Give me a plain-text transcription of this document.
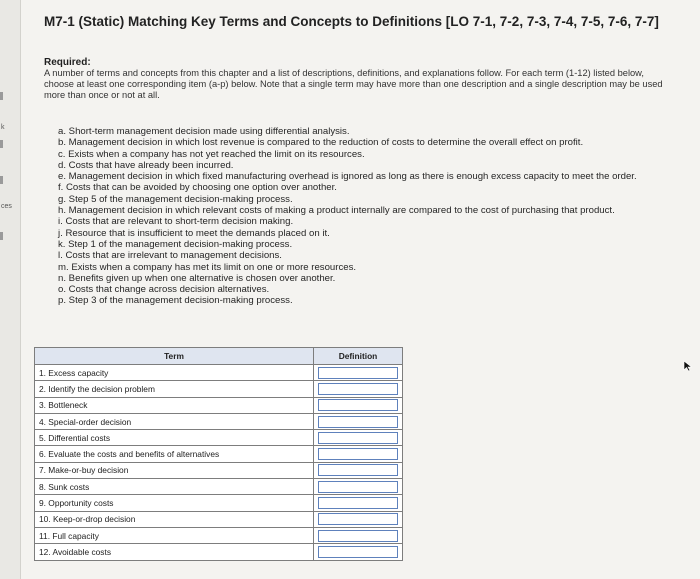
k
ces
M7-1 (Static) Matching Key Terms and Concepts to Definitions [LO 7-1, 7-2, 7-3, 7-4, 7-5, 7-6, 7-7]
Required:
A number of terms and concepts from this chapter and a list of descriptions, definitions, and explanations follow. For each term (1-12) listed below, choose at least one corresponding item (a-p) below. Note that a single term may have more than one description and a single description may be used more than once or not at all.
a. Short-term management decision made using differential analysis.
b. Management decision in which lost revenue is compared to the reduction of costs to determine the overall effect on profit.
c. Exists when a company has not yet reached the limit on its resources.
d. Costs that have already been incurred.
e. Management decision in which fixed manufacturing overhead is ignored as long as there is enough excess capacity to meet the order.
f. Costs that can be avoided by choosing one option over another.
g. Step 5 of the management decision-making process.
h. Management decision in which relevant costs of making a product internally are compared to the cost of purchasing that product.
i. Costs that are relevant to short-term decision making.
j. Resource that is insufficient to meet the demands placed on it.
k. Step 1 of the management decision-making process.
l. Costs that are irrelevant to management decisions.
m. Exists when a company has met its limit on one or more resources.
n. Benefits given up when one alternative is chosen over another.
o. Costs that change across decision alternatives.
p. Step 3 of the management decision-making process.
Term	Definition
1. Excess capacity	

2. Identify the decision problem	

3. Bottleneck	

4. Special-order decision	

5. Differential costs	

6. Evaluate the costs and benefits of alternatives	

7. Make-or-buy decision	

8. Sunk costs	

9. Opportunity costs	

10. Keep-or-drop decision	

11. Full capacity	

12. Avoidable costs	
